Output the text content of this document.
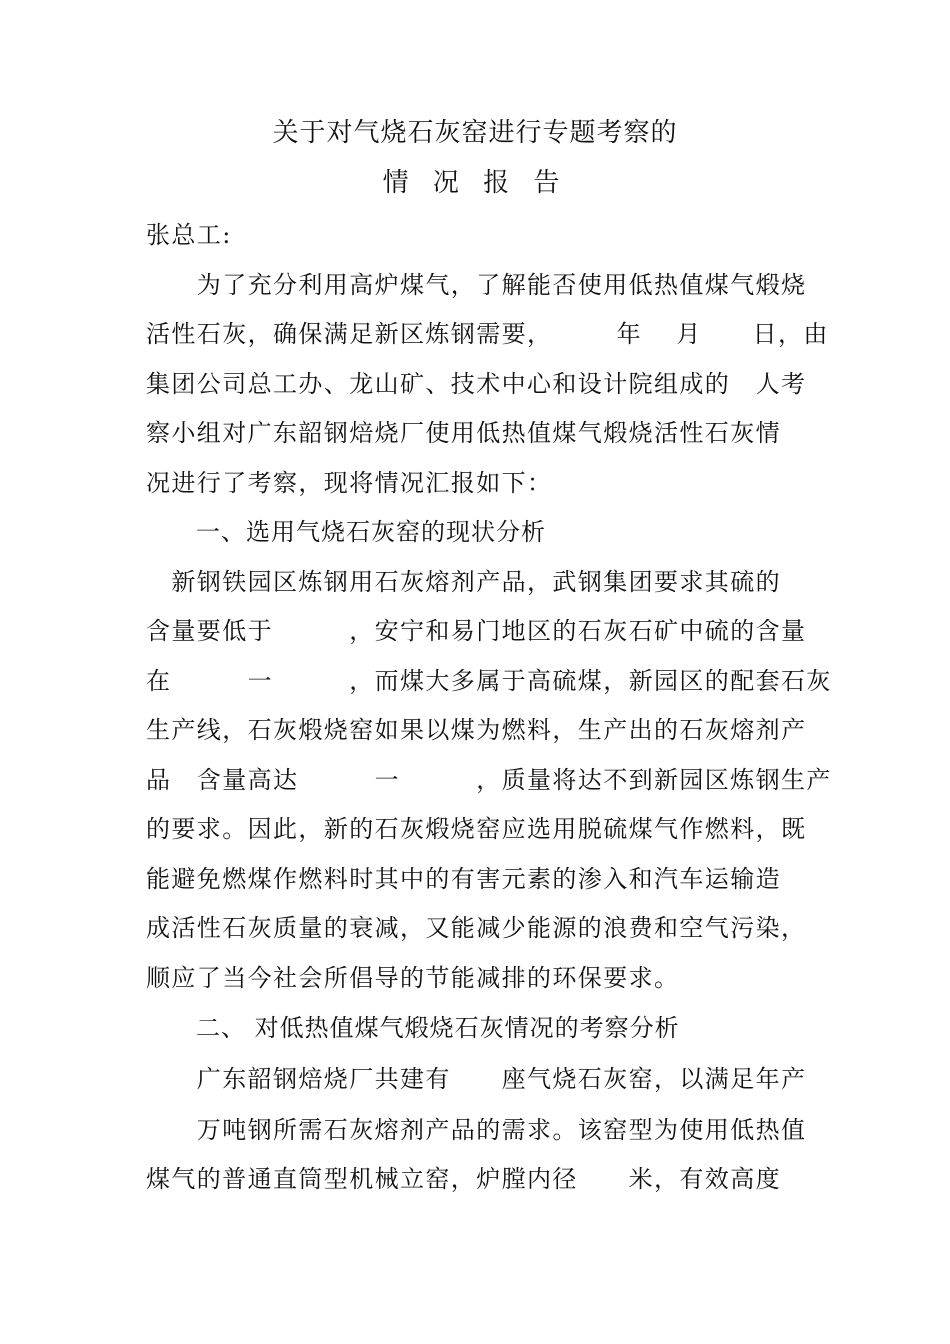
关于对气烧石灰窑进行专题考察的
情 况 报 告
张总工:
　　为了充分利用高炉煤气，了解能否使用低热值煤气煅烧
活性石灰，确保满足新区炼钢需要，　　　年　 月　　日，由
集团公司总工办、龙山矿、技术中心和设计院组成的　人考
察小组对广东韶钢焙烧厂使用低热值煤气煅烧活性石灰情
况进行了考察，现将情况汇报如下：
　　一、选用气烧石灰窑的现状分析
　新钢铁园区炼钢用石灰熔剂产品，武钢集团要求其硫的
含量要低于　　　，安宁和易门地区的石灰石矿中硫的含量
在　　　一　　　，而煤大多属于高硫煤，新园区的配套石灰
生产线，石灰煅烧窑如果以煤为燃料，生产出的石灰熔剂产
品　含量高达　　　一　　　，质量将达不到新园区炼钢生产
的要求。因此，新的石灰煅烧窑应选用脱硫煤气作燃料，既
能避免燃煤作燃料时其中的有害元素的渗入和汽车运输造
成活性石灰质量的衰减，又能减少能源的浪费和空气污染，
顺应了当今社会所倡导的节能减排的环保要求。
　　二、 对低热值煤气煅烧石灰情况的考察分析
　　广东韶钢焙烧厂共建有　　座气烧石灰窑，以满足年产
　　万吨钢所需石灰熔剂产品的需求。该窑型为使用低热值
煤气的普通直筒型机械立窑，炉膛内径　　米，有效高度
